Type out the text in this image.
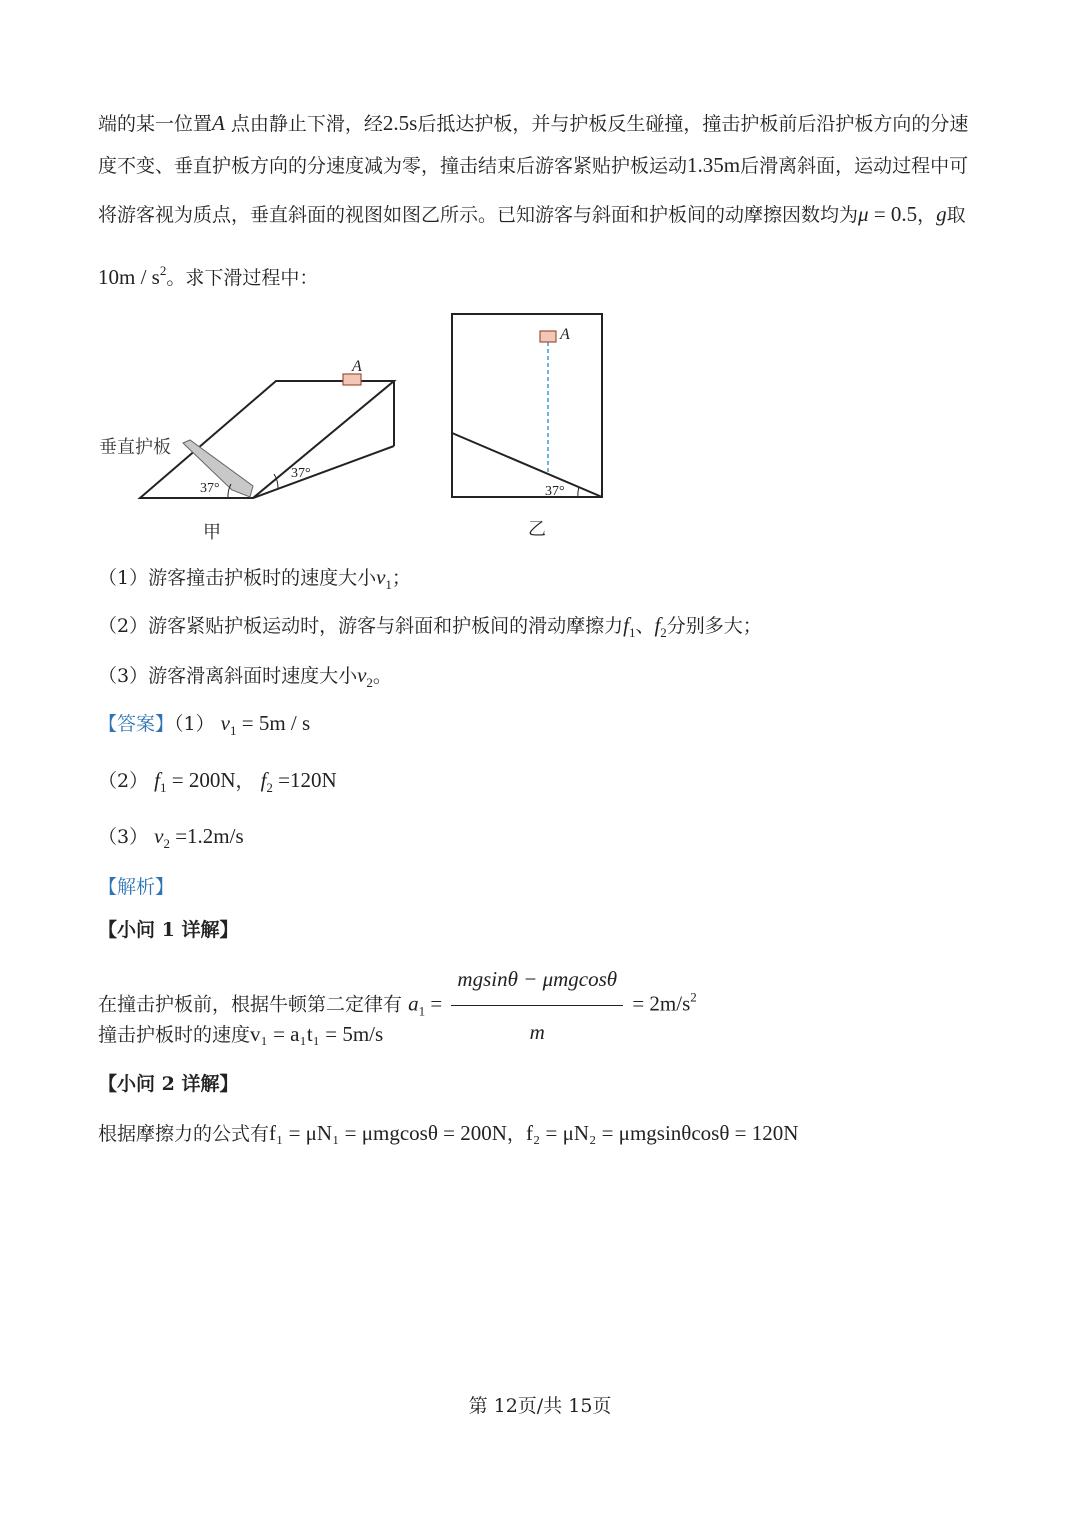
端的某一位置A 点由静止下滑，经2.5s后抵达护板，并与护板反生碰撞，撞击护板前后沿护板方向的分速
度不变、垂直护板方向的分速度减为零，撞击结束后游客紧贴护板运动1.35m后滑离斜面，运动过程中可
将游客视为质点，垂直斜面的视图如图乙所示。已知游客与斜面和护板间的动摩擦因数均为μ = 0.5，g取
$10m / s^2$。求下滑过程中：
A
37°
37°
垂直护板
甲
A
37°
乙
（1）游客撞击护板时的速度大小$v_1$；
（2）游客紧贴护板运动时，游客与斜面和护板间的滑动摩擦力$f_1$、$f_2$分别多大；
（3）游客滑离斜面时速度大小$v_2$。
【答案】（1） $v_1 = 5m / s$
（2） $f_1 = 200N$， $f_2 =120N$
（3） $v_2 =1.2m/s$
【解析】
【小问 1 详解】
在撞击护板前，根据牛顿第二定律有 $a_1 = \frac{\text{mgsinθ − μmgcosθ}}{m} = 2m/s^2$
撞击护板时的速度v₁ = a₁t₁ = 5m/s
【小问 2 详解】
根据摩擦力的公式有f₁ = μN₁ = μmgcosθ = 200N，f₂ = μN₂ = μmgsinθcosθ = 120N
第 12页/共 15页
